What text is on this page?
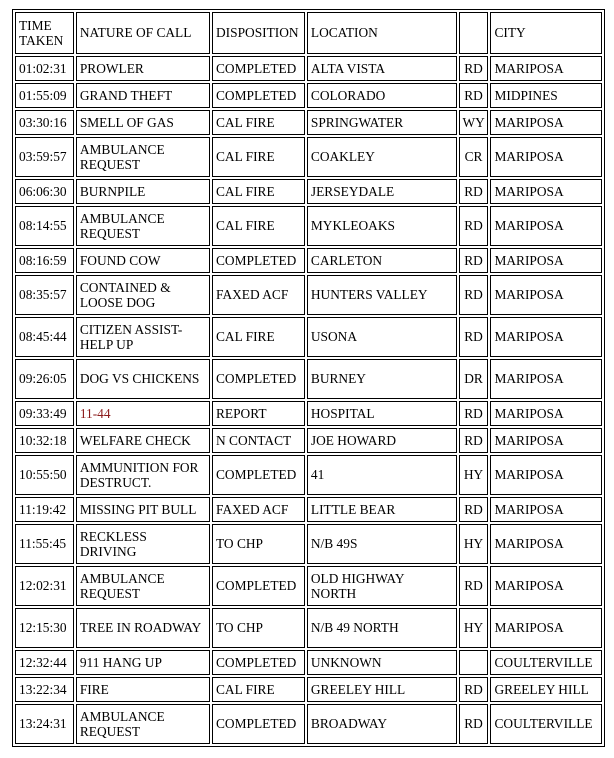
TIME TAKEN	NATURE OF CALL	DISPOSITION	LOCATION		CITY
01:02:31	PROWLER	COMPLETED	ALTA VISTA	RD	MARIPOSA
01:55:09	GRAND THEFT	COMPLETED	COLORADO	RD	MIDPINES
03:30:16	SMELL OF GAS	CAL FIRE	SPRINGWATER	WY	MARIPOSA
03:59:57	AMBULANCE REQUEST	CAL FIRE	COAKLEY	CR	MARIPOSA
06:06:30	BURNPILE	CAL FIRE	JERSEYDALE	RD	MARIPOSA
08:14:55	AMBULANCE REQUEST	CAL FIRE	MYKLEOAKS	RD	MARIPOSA
08:16:59	FOUND COW	COMPLETED	CARLETON	RD	MARIPOSA
08:35:57	CONTAINED & LOOSE DOG	FAXED ACF	HUNTERS VALLEY	RD	MARIPOSA
08:45:44	CITIZEN ASSIST-HELP UP	CAL FIRE	USONA	RD	MARIPOSA
09:26:05	DOG VS CHICKENS	COMPLETED	BURNEY	DR	MARIPOSA
09:33:49	11-44	REPORT	HOSPITAL	RD	MARIPOSA
10:32:18	WELFARE CHECK	N CONTACT	JOE HOWARD	RD	MARIPOSA
10:55:50	AMMUNITION FOR DESTRUCT.	COMPLETED	41	HY	MARIPOSA
11:19:42	MISSING PIT BULL	FAXED ACF	LITTLE BEAR	RD	MARIPOSA
11:55:45	RECKLESS DRIVING	TO CHP	N/B 49S	HY	MARIPOSA
12:02:31	AMBULANCE REQUEST	COMPLETED	OLD HIGHWAY NORTH	RD	MARIPOSA
12:15:30	TREE IN ROADWAY	TO CHP	N/B 49 NORTH	HY	MARIPOSA
12:32:44	911 HANG UP	COMPLETED	UNKNOWN		COULTERVILLE
13:22:34	FIRE	CAL FIRE	GREELEY HILL	RD	GREELEY HILL
13:24:31	AMBULANCE REQUEST	COMPLETED	BROADWAY	RD	COULTERVILLE
